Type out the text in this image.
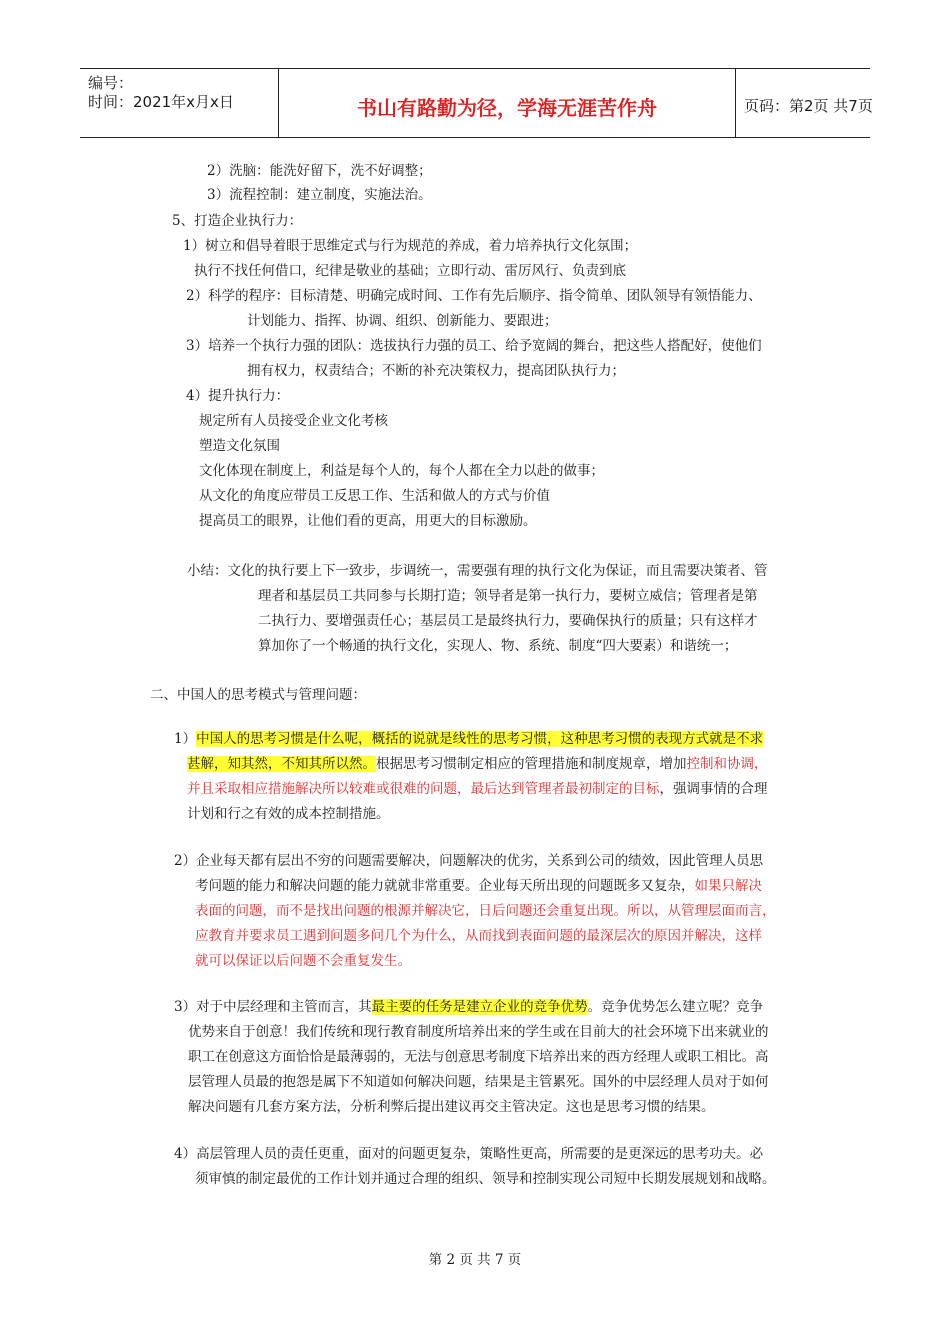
编号：
时间：2021年x月x日	书山有路勤为径，学海无涯苦作舟	页码：第2页 共7页
2）洗脑：能洗好留下，洗不好调整；
3）流程控制：建立制度，实施法治。
5、打造企业执行力：
1）树立和倡导着眼于思维定式与行为规范的养成，着力培养执行文化氛围；
执行不找任何借口，纪律是敬业的基础；立即行动、雷厉风行、负责到底
2）科学的程序：目标清楚、明确完成时间、工作有先后顺序、指令简单、团队领导有领悟能力、
计划能力、指挥、协调、组织、创新能力、要跟进；
3）培养一个执行力强的团队：选拔执行力强的员工、给予宽阔的舞台，把这些人搭配好，使他们
拥有权力，权责结合；不断的补充决策权力，提高团队执行力；
4）提升执行力：
规定所有人员接受企业文化考核
塑造文化氛围
文化体现在制度上，利益是每个人的，每个人都在全力以赴的做事；
从文化的角度应带员工反思工作、生活和做人的方式与价值
提高员工的眼界，让他们看的更高，用更大的目标激励。
小结：文化的执行要上下一致步，步调统一，需要强有理的执行文化为保证，而且需要决策者、管
理者和基层员工共同参与长期打造；领导者是第一执行力，要树立威信；管理者是第
二执行力、要增强责任心；基层员工是最终执行力，要确保执行的质量；只有这样才
算加你了一个畅通的执行文化，实现人、物、系统、制度“四大要素）和谐统一；
二、中国人的思考模式与管理问题：
1）中国人的思考习惯是什么呢，概括的说就是线性的思考习惯，这种思考习惯的表现方式就是不求
甚解，知其然，不知其所以然。根据思考习惯制定相应的管理措施和制度规章，增加控制和协调，
并且采取相应措施解决所以较难或很难的问题，最后达到管理者最初制定的目标，强调事情的合理
计划和行之有效的成本控制措施。
2）企业每天都有层出不穷的问题需要解决，问题解决的优劣，关系到公司的绩效，因此管理人员思
考问题的能力和解决问题的能力就就非常重要。企业每天所出现的问题既多又复杂，如果只解决
表面的问题，而不是找出问题的根源并解决它，日后问题还会重复出现。所以，从管理层面而言，
应教育并要求员工遇到问题多问几个为什么，从而找到表面问题的最深层次的原因并解决，这样
就可以保证以后问题不会重复发生。
3）对于中层经理和主管而言，其最主要的任务是建立企业的竞争优势。竞争优势怎么建立呢？竞争
优势来自于创意！我们传统和现行教育制度所培养出来的学生或在目前大的社会环境下出来就业的
职工在创意这方面恰恰是最薄弱的，无法与创意思考制度下培养出来的西方经理人或职工相比。高
层管理人员最的抱怨是属下不知道如何解决问题，结果是主管累死。国外的中层经理人员对于如何
解决问题有几套方案方法，分析利弊后提出建议再交主管决定。这也是思考习惯的结果。
4）高层管理人员的责任更重，面对的问题更复杂，策略性更高，所需要的是更深远的思考功夫。必
须审慎的制定最优的工作计划并通过合理的组织、领导和控制实现公司短中长期发展规划和战略。
第 2 页 共 7 页
